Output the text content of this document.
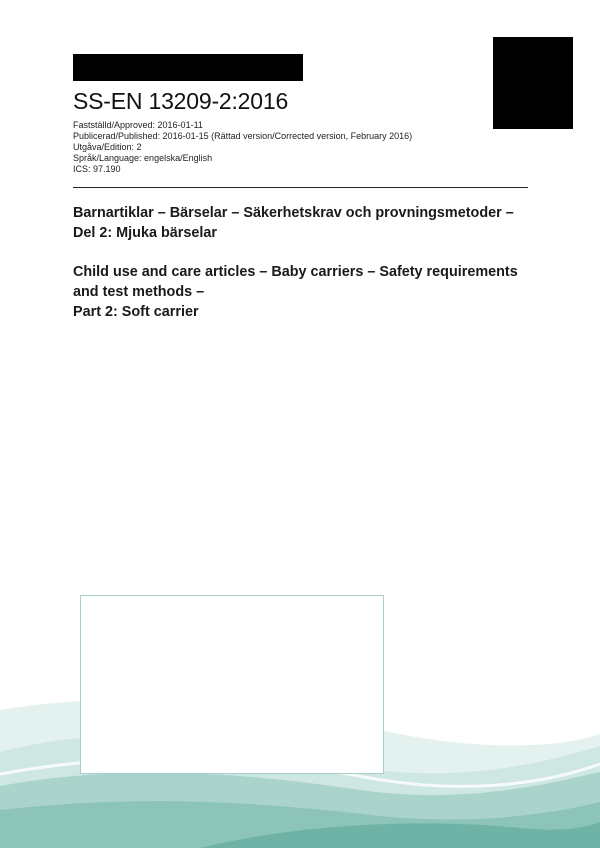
SS-EN 13209-2:2016
Fastställd/Approved: 2016-01-11
Publicerad/Published: 2016-01-15 (Rättad version/Corrected version, February 2016)
Utgåva/Edition: 2
Språk/Language: engelska/English
ICS: 97.190
Barnartiklar – Bärselar – Säkerhetskrav och provningsmetoder –
Del 2: Mjuka bärselar
Child use and care articles – Baby carriers – Safety requirements
and test methods –
Part 2: Soft carrier
